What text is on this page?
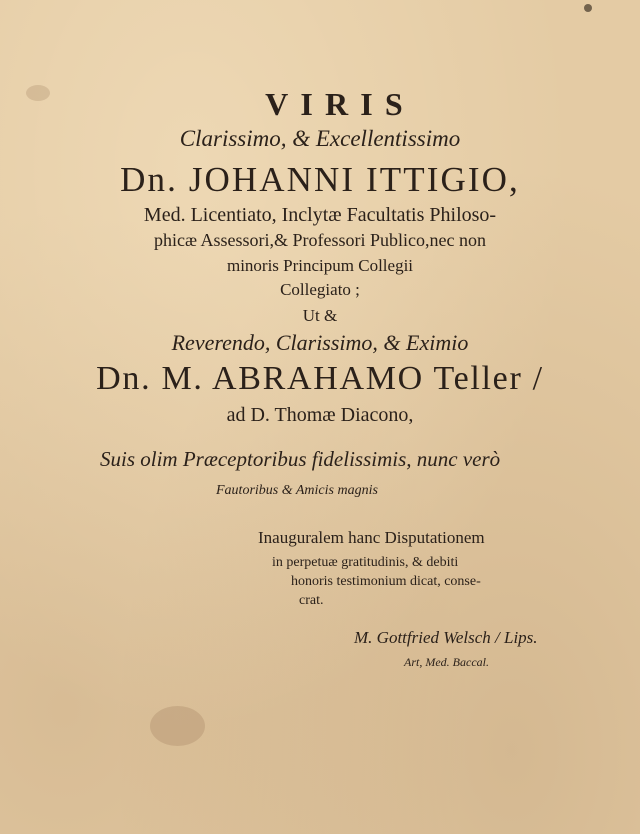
VIRIS
Clarissimo, & Excellentissimo
Dn. JOHANNI ITTIGIO,
Med. Licentiato, Inclytæ Facultatis Philoso-
phicæ Assessori,& Professori Publico,nec non
minoris Principum Collegii
Collegiato ;
Ut &
Reverendo, Clarissimo, & Eximio
Dn. M. ABRAHAMO Teller /
ad D. Thomæ Diacono,
Suis olim Præceptoribus fidelissimis, nunc verò
Fautoribus & Amicis magnis
Inauguralem hanc Disputationem
in perpetuæ gratitudinis, & debiti
honoris testimonium dicat, conse-
crat.
M. Gottfried Welsch / Lips.
Art, Med. Baccal.
